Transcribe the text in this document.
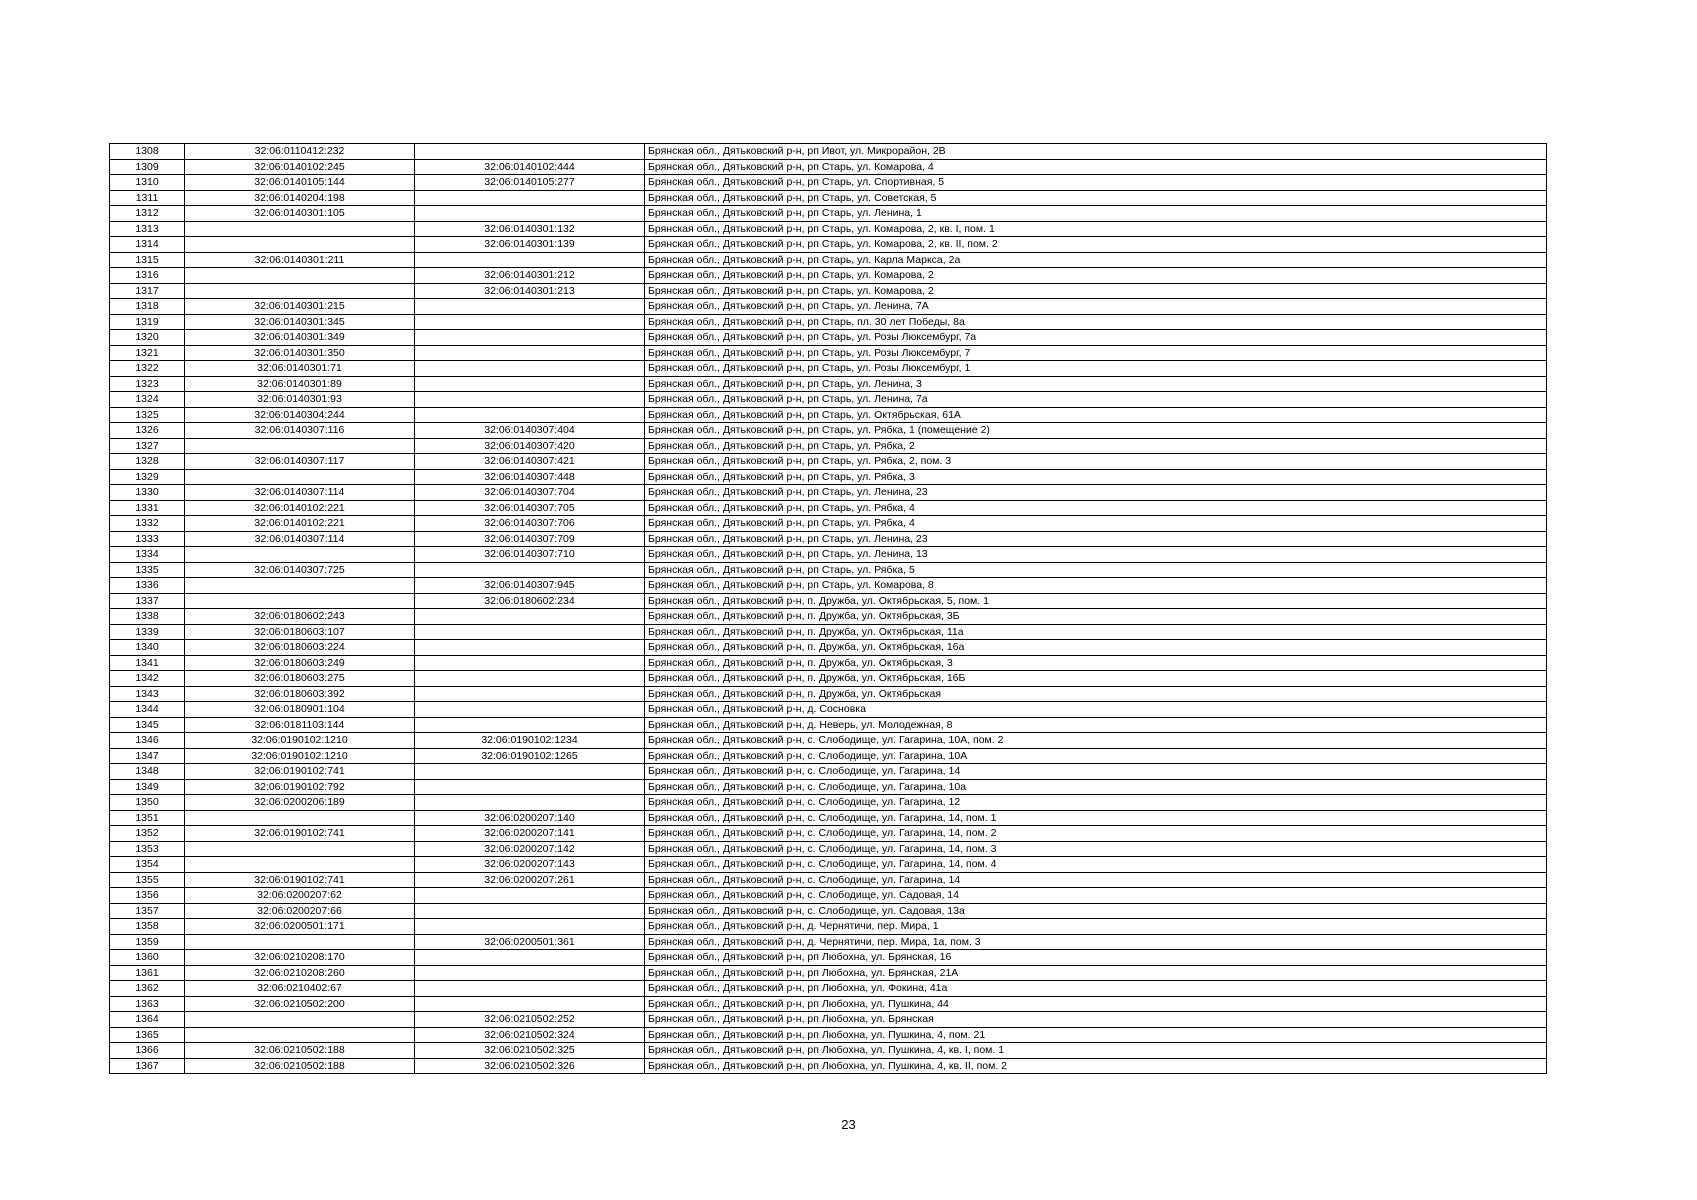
1308	32:06:0110412:232		Брянская обл., Дятьковский р-н, рп Ивот, ул. Микрорайон, 2В
1309	32:06:0140102:245	32:06:0140102:444	Брянская обл., Дятьковский р-н, рп Старь, ул. Комарова, 4
1310	32:06:0140105:144	32:06:0140105:277	Брянская обл., Дятьковский р-н, рп Старь, ул. Спортивная, 5
1311	32:06:0140204:198		Брянская обл., Дятьковский р-н, рп Старь, ул. Советская, 5
1312	32:06:0140301:105		Брянская обл., Дятьковский р-н, рп Старь, ул. Ленина, 1
1313		32:06:0140301:132	Брянская обл., Дятьковский р-н, рп Старь, ул. Комарова, 2, кв. I, пом. 1
1314		32:06:0140301:139	Брянская обл., Дятьковский р-н, рп Старь, ул. Комарова, 2, кв. II, пом. 2
1315	32:06:0140301:211		Брянская обл., Дятьковский р-н, рп Старь, ул. Карла Маркса, 2а
1316		32:06:0140301:212	Брянская обл., Дятьковский р-н, рп Старь, ул. Комарова, 2
1317		32:06:0140301:213	Брянская обл., Дятьковский р-н, рп Старь, ул. Комарова, 2
1318	32:06:0140301:215		Брянская обл., Дятьковский р-н, рп Старь, ул. Ленина, 7А
1319	32:06:0140301:345		Брянская обл., Дятьковский р-н, рп Старь, пл. 30 лет Победы, 8а
1320	32:06:0140301:349		Брянская обл., Дятьковский р-н, рп Старь, ул. Розы Люксембург, 7а
1321	32:06:0140301:350		Брянская обл., Дятьковский р-н, рп Старь, ул. Розы Люксембург, 7
1322	32:06:0140301:71		Брянская обл., Дятьковский р-н, рп Старь, ул. Розы Люксембург, 1
1323	32:06:0140301:89		Брянская обл., Дятьковский р-н, рп Старь, ул. Ленина, 3
1324	32:06:0140301:93		Брянская обл., Дятьковский р-н, рп Старь, ул. Ленина, 7а
1325	32:06:0140304:244		Брянская обл., Дятьковский р-н, рп Старь, ул. Октябрьская, 61А
1326	32:06:0140307:116	32:06:0140307:404	Брянская обл., Дятьковский р-н, рп Старь, ул. Рябка, 1 (помещение 2)
1327		32:06:0140307:420	Брянская обл., Дятьковский р-н, рп Старь, ул. Рябка, 2
1328	32:06:0140307:117	32:06:0140307:421	Брянская обл., Дятьковский р-н, рп Старь, ул. Рябка, 2, пом. 3
1329		32:06:0140307:448	Брянская обл., Дятьковский р-н, рп Старь, ул. Рябка, 3
1330	32:06:0140307:114	32:06:0140307:704	Брянская обл., Дятьковский р-н, рп Старь, ул. Ленина, 23
1331	32:06:0140102:221	32:06:0140307:705	Брянская обл., Дятьковский р-н, рп Старь, ул. Рябка, 4
1332	32:06:0140102:221	32:06:0140307:706	Брянская обл., Дятьковский р-н, рп Старь, ул. Рябка, 4
1333	32:06:0140307:114	32:06:0140307:709	Брянская обл., Дятьковский р-н, рп Старь, ул. Ленина, 23
1334		32:06:0140307:710	Брянская обл., Дятьковский р-н, рп Старь, ул. Ленина, 13
1335	32:06:0140307:725		Брянская обл., Дятьковский р-н, рп Старь, ул. Рябка, 5
1336		32:06:0140307:945	Брянская обл., Дятьковский р-н, рп Старь, ул. Комарова, 8
1337		32:06:0180602:234	Брянская обл., Дятьковский р-н, п. Дружба, ул. Октябрьская, 5, пом. 1
1338	32:06:0180602:243		Брянская обл., Дятьковский р-н, п. Дружба, ул. Октябрьская, 3Б
1339	32:06:0180603:107		Брянская обл., Дятьковский р-н, п. Дружба, ул. Октябрьская, 11а
1340	32:06:0180603:224		Брянская обл., Дятьковский р-н, п. Дружба, ул. Октябрьская, 16а
1341	32:06:0180603:249		Брянская обл., Дятьковский р-н, п. Дружба, ул. Октябрьская, 3
1342	32:06:0180603:275		Брянская обл., Дятьковский р-н, п. Дружба, ул. Октябрьская, 16Б
1343	32:06:0180603:392		Брянская обл., Дятьковский р-н, п. Дружба, ул. Октябрьская
1344	32:06:0180901:104		Брянская обл., Дятьковский р-н, д. Сосновка
1345	32:06:0181103:144		Брянская обл., Дятьковский р-н, д. Неверь, ул. Молодежная, 8
1346	32:06:0190102:1210	32:06:0190102:1234	Брянская обл., Дятьковский р-н, с. Слободище, ул. Гагарина, 10А, пом. 2
1347	32:06:0190102:1210	32:06:0190102:1265	Брянская обл., Дятьковский р-н, с. Слободище, ул. Гагарина, 10А
1348	32:06:0190102:741		Брянская обл., Дятьковский р-н, с. Слободище, ул. Гагарина, 14
1349	32:06:0190102:792		Брянская обл., Дятьковский р-н, с. Слободище, ул. Гагарина, 10а
1350	32:06:0200206:189		Брянская обл., Дятьковский р-н, с. Слободище, ул. Гагарина, 12
1351		32:06:0200207:140	Брянская обл., Дятьковский р-н, с. Слободище, ул. Гагарина, 14, пом. 1
1352	32:06:0190102:741	32:06:0200207:141	Брянская обл., Дятьковский р-н, с. Слободище, ул. Гагарина, 14, пом. 2
1353		32:06:0200207:142	Брянская обл., Дятьковский р-н, с. Слободище, ул. Гагарина, 14, пом. 3
1354		32:06:0200207:143	Брянская обл., Дятьковский р-н, с. Слободище, ул. Гагарина, 14, пом. 4
1355	32:06:0190102:741	32:06:0200207:261	Брянская обл., Дятьковский р-н, с. Слободище, ул. Гагарина, 14
1356	32:06:0200207:62		Брянская обл., Дятьковский р-н, с. Слободище, ул. Садовая, 14
1357	32:06:0200207:66		Брянская обл., Дятьковский р-н, с. Слободище, ул. Садовая, 13а
1358	32:06:0200501:171		Брянская обл., Дятьковский р-н, д. Чернятичи, пер. Мира, 1
1359		32:06:0200501:361	Брянская обл., Дятьковский р-н, д. Чернятичи, пер. Мира, 1а, пом. 3
1360	32:06:0210208:170		Брянская обл., Дятьковский р-н, рп Любохна, ул. Брянская, 16
1361	32:06:0210208:260		Брянская обл., Дятьковский р-н, рп Любохна, ул. Брянская, 21А
1362	32:06:0210402:67		Брянская обл., Дятьковский р-н, рп Любохна, ул. Фокина, 41а
1363	32:06:0210502:200		Брянская обл., Дятьковский р-н, рп Любохна, ул. Пушкина, 44
1364		32:06:0210502:252	Брянская обл., Дятьковский р-н, рп Любохна, ул. Брянская
1365		32:06:0210502:324	Брянская обл., Дятьковский р-н, рп Любохна, ул. Пушкина, 4, пом. 21
1366	32:06:0210502:188	32:06:0210502:325	Брянская обл., Дятьковский р-н, рп Любохна, ул. Пушкина, 4, кв. I, пом. 1
1367	32:06:0210502:188	32:06:0210502:326	Брянская обл., Дятьковский р-н, рп Любохна, ул. Пушкина, 4, кв. II, пом. 2
23
